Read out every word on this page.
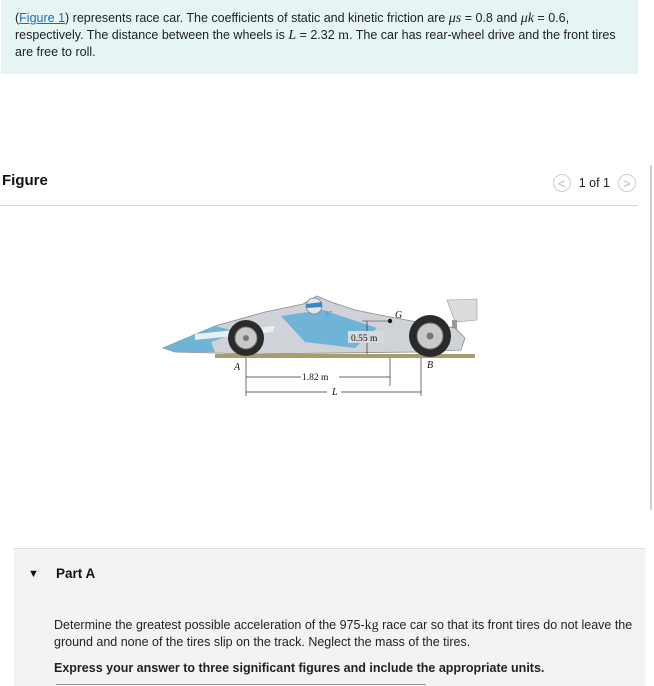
(Figure 1) represents race car. The coefficients of static and kinetic friction are μs = 0.8 and μk = 0.6, respectively. The distance between the wheels is L = 2.32 m. The car has rear-wheel drive and the front tires are free to roll.
Figure	< 1 of 1 >
27	G
0.55 m
A	B
1.82 m
L
▼ Part A

Determine the greatest possible acceleration of the 975-kg race car so that its front tires do not leave the ground and none of the tires slip on the track. Neglect the mass of the tires.

Express your answer to three significant figures and include the appropriate units.
